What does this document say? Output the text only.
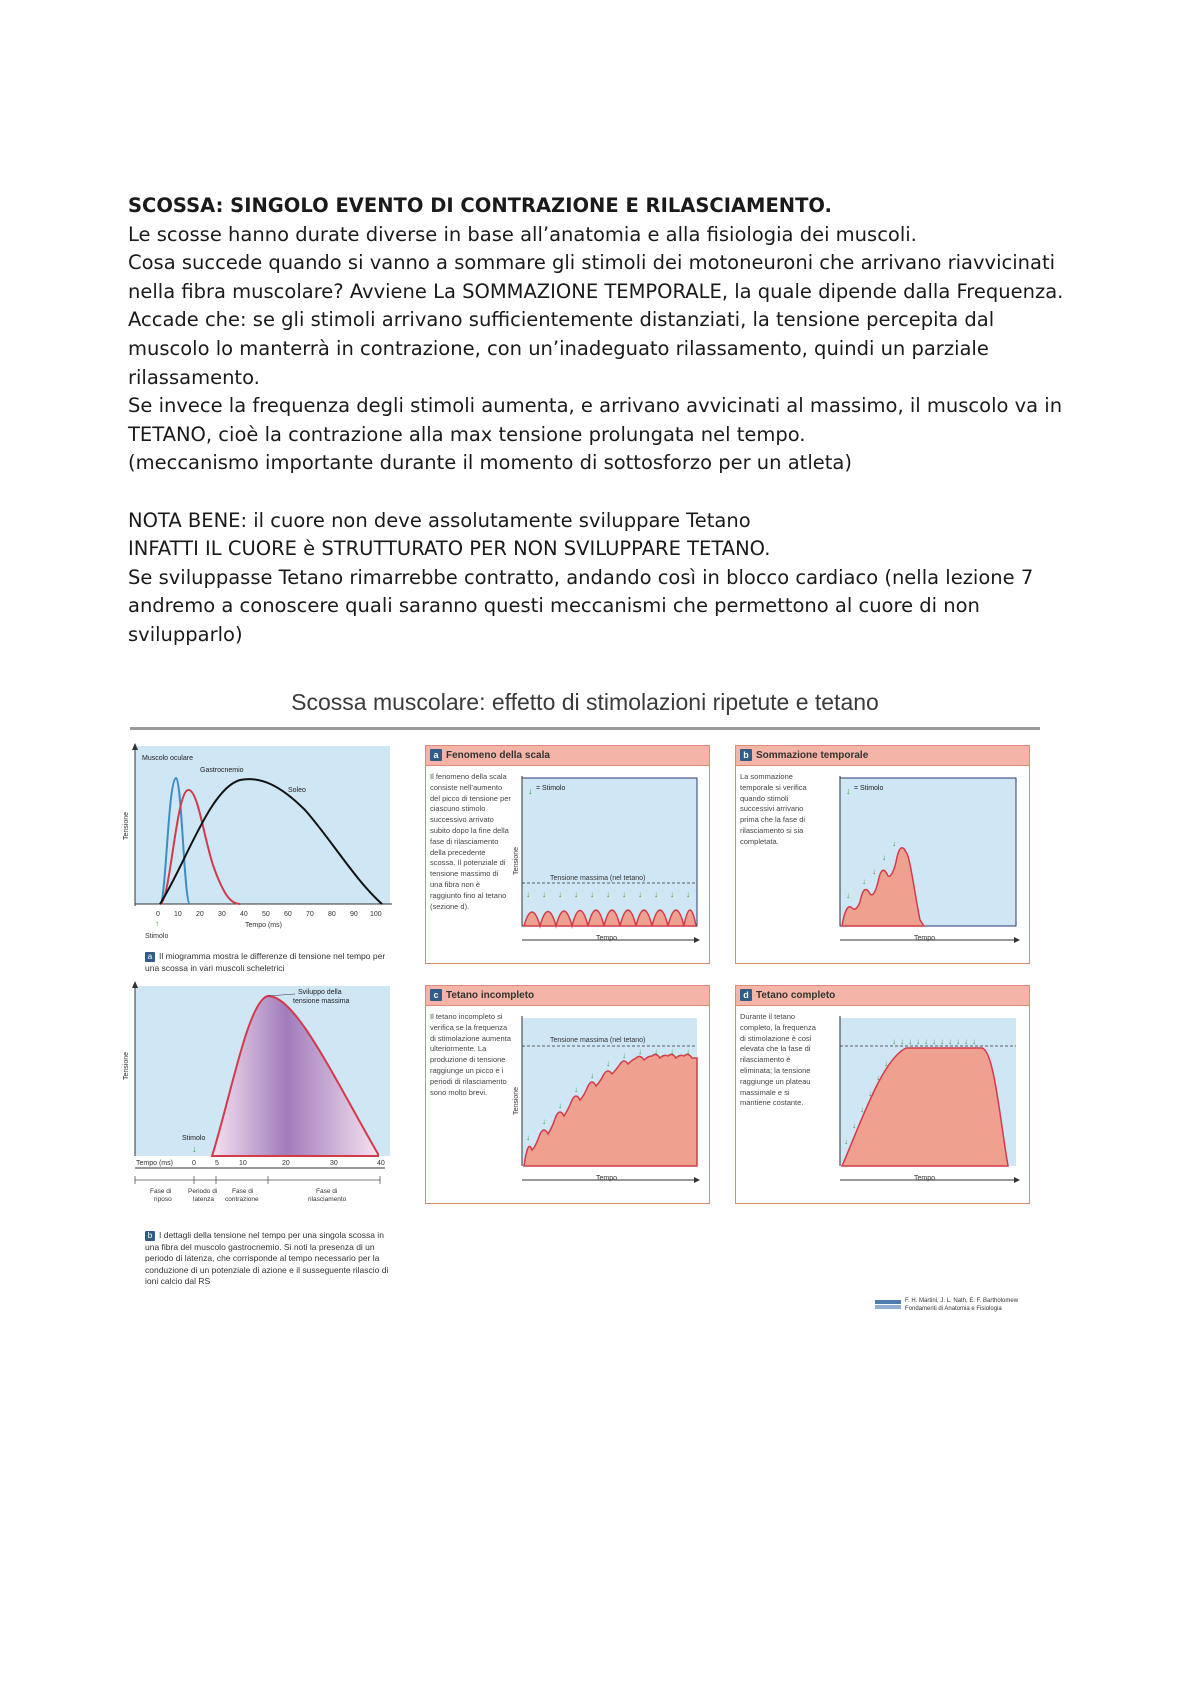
SCOSSA: SINGOLO EVENTO DI CONTRAZIONE E RILASCIAMENTO.

Le scosse hanno durate diverse in base all’anatomia e alla fisiologia dei muscoli.

Cosa succede quando si vanno a sommare gli stimoli dei motoneuroni che arrivano riavvicinati nella fibra muscolare? Avviene La SOMMAZIONE TEMPORALE, la quale dipende dalla Frequenza.

Accade che: se gli stimoli arrivano sufficientemente distanziati, la tensione percepita dal muscolo lo manterrà in contrazione, con un’inadeguato rilassamento, quindi un parziale rilassamento.

Se invece la frequenza degli stimoli aumenta, e arrivano avvicinati al massimo, il muscolo va in TETANO, cioè la contrazione alla max tensione prolungata nel tempo.

(meccanismo importante durante il momento di sottosforzo per un atleta)

NOTA BENE: il cuore non deve assolutamente sviluppare Tetano

INFATTI IL CUORE è STRUTTURATO PER NON SVILUPPARE TETANO.

Se sviluppasse Tetano rimarrebbe contratto, andando così in blocco cardiaco (nella lezione 7 andremo a conoscere quali saranno questi meccanismi che permettono al cuore di non svilupparlo)

Scossa muscolare: effetto di stimolazioni ripetute e tetano
Tensione
Muscolo oculare
Gastrocnemio
Soleo
0 10 20 30 40 50 60 70 80 90 100
↑
Stimolo
Tempo (ms)
a Il miogramma mostra le differenze di tensione nel tempo per una scossa in vari muscoli scheletrici
Tensione
Sviluppo della
tensione massima
Stimolo
↓
Tempo (ms)	0	5	10	20	30	40
Fase di
riposo
Periodo di
latenza
Fase di
contrazione
Fase di
rilasciamento
b I dettagli della tensione nel tempo per una singola scossa in una fibra del muscolo gastrocnemio. Si noti la presenza di un periodo di latenza, che corrisponde al tempo necessario per la conduzione di un potenziale di azione e il susseguente rilascio di ioni calcio dal RS
a Fenomeno della scala
Il fenomeno della scala consiste nell’aumento del picco di tensione per ciascuno stimolo successivo arrivato subito dopo la fine della fase di rilasciamento della precedente scossa. Il potenziale di tensione massimo di una fibra non è raggiunto fino al tetano (sezione d).
Tensione
↓ = Stimolo
Tensione massima (nel tetano)
↓ ↓ ↓ ↓ ↓ ↓ ↓ ↓ ↓ ↓ ↓
Tempo
b Sommazione temporale
La sommazione temporale si verifica quando stimoli successivi arrivano prima che la fase di rilasciamento si sia completata.
↓ = Stimolo
↓
↓
↓
↓
↓
Tempo
c Tetano incompleto
Il tetano incompleto si verifica se la frequenza di stimolazione aumenta ulteriormente. La produzione di tensione raggiunge un picco e i periodi di rilasciamento sono molto brevi.	Tensione
Tensione massima (nel tetano)
↓
↓
↓
↓
↓
↓
↓ ↓ ↓ ↓ ↓
Tempo
d Tetano completo
Durante il tetano completo, la frequenza di stimolazione è così elevata che la fase di rilasciamento è eliminata; la tensione raggiunge un plateau massimale e si mantiene costante.
↓
↓
↓
↓
↓
↓
↓ ↓ ↓ ↓ ↓ ↓ ↓ ↓ ↓ ↓ ↓
Tempo
F. H. Martini, J. L. Nath, E. F. Bartholomew
Fondamenti di Anatomia e Fisiologia
